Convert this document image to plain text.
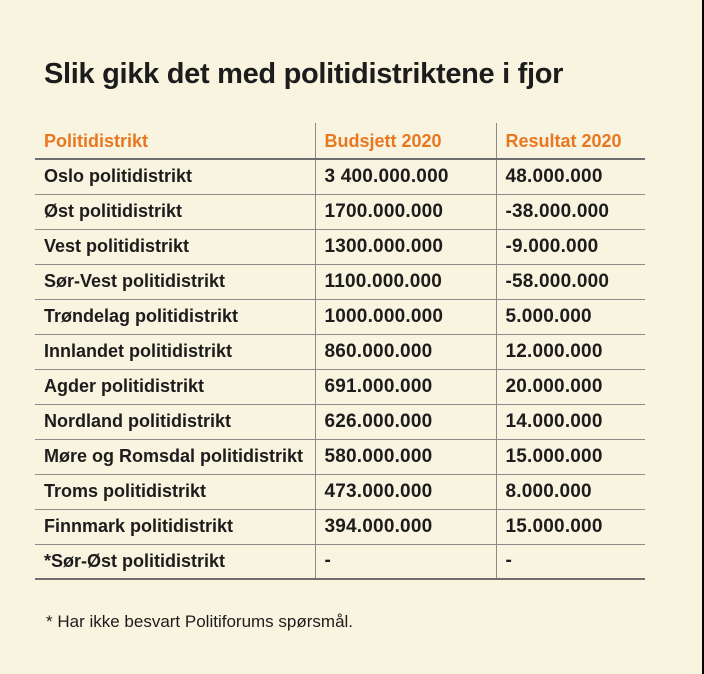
Slik gikk det med politidistriktene i fjor
Politidistrikt	Budsjett 2020	Resultat 2020
Oslo politidistrikt	3 400.000.000	48.000.000
Øst politidistrikt	1700.000.000	-38.000.000
Vest politidistrikt	1300.000.000	-9.000.000
Sør-Vest politidistrikt	1100.000.000	-58.000.000
Trøndelag politidistrikt	1000.000.000	5.000.000
Innlandet politidistrikt	860.000.000	12.000.000
Agder politidistrikt	691.000.000	20.000.000
Nordland politidistrikt	626.000.000	14.000.000
Møre og Romsdal politidistrikt	580.000.000	15.000.000
Troms politidistrikt	473.000.000	8.000.000
Finnmark politidistrikt	394.000.000	15.000.000
*Sør-Øst politidistrikt	-	-

* Har ikke besvart Politiforums spørsmål.
